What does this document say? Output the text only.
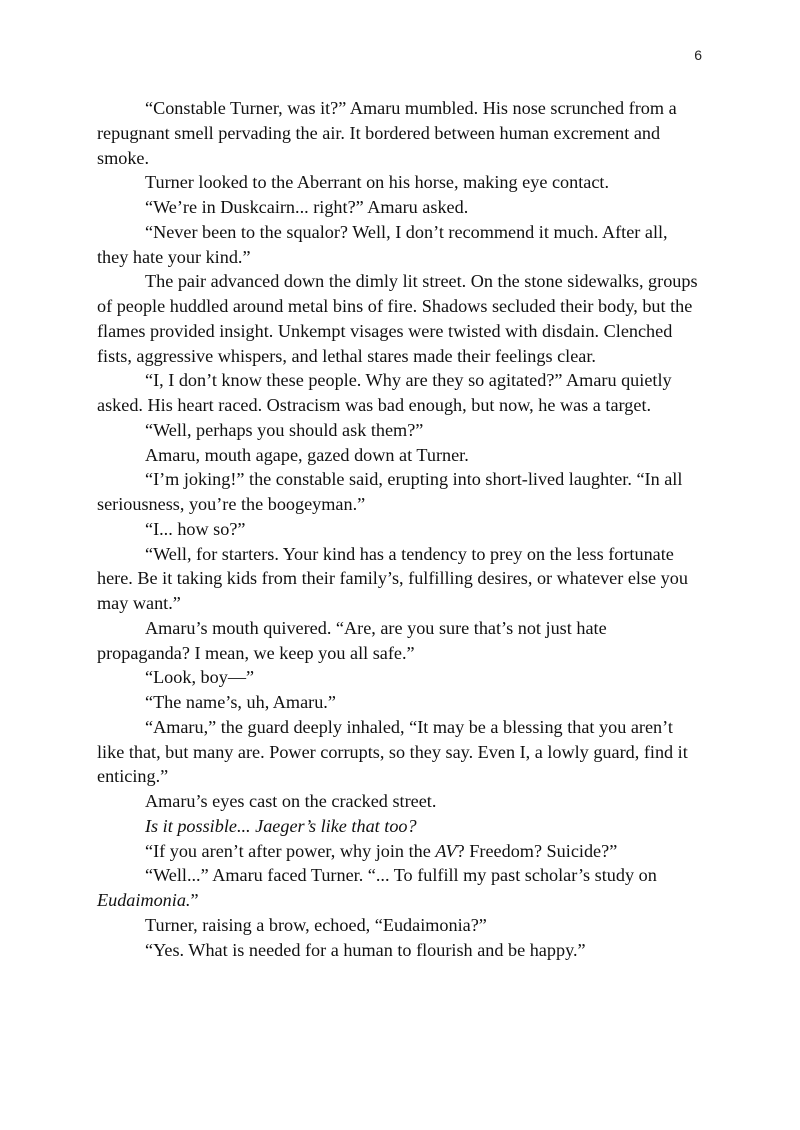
6

“Constable Turner, was it?” Amaru mumbled. His nose scrunched from a repugnant smell pervading the air. It bordered between human excrement and smoke.

Turner looked to the Aberrant on his horse, making eye contact.

“We’re in Duskcairn... right?” Amaru asked.

“Never been to the squalor? Well, I don’t recommend it much. After all, they hate your kind.”

The pair advanced down the dimly lit street. On the stone sidewalks, groups of people huddled around metal bins of fire. Shadows secluded their body, but the flames provided insight. Unkempt visages were twisted with disdain. Clenched fists, aggressive whispers, and lethal stares made their feelings clear.

“I, I don’t know these people. Why are they so agitated?” Amaru quietly asked. His heart raced. Ostracism was bad enough, but now, he was a target.

“Well, perhaps you should ask them?”

Amaru, mouth agape, gazed down at Turner.

“I’m joking!” the constable said, erupting into short-lived laughter. “In all seriousness, you’re the boogeyman.”

“I... how so?”

“Well, for starters. Your kind has a tendency to prey on the less fortunate here. Be it taking kids from their family’s, fulfilling desires, or whatever else you may want.”

Amaru’s mouth quivered. “Are, are you sure that’s not just hate propaganda? I mean, we keep you all safe.”

“Look, boy—”

“The name’s, uh, Amaru.”

“Amaru,” the guard deeply inhaled, “It may be a blessing that you aren’t like that, but many are. Power corrupts, so they say. Even I, a lowly guard, find it enticing.”

Amaru’s eyes cast on the cracked street.

Is it possible... Jaeger’s like that too?

“If you aren’t after power, why join the AV? Freedom? Suicide?”

“Well...” Amaru faced Turner. “... To fulfill my past scholar’s study on Eudaimonia.”

Turner, raising a brow, echoed, “Eudaimonia?”

“Yes. What is needed for a human to flourish and be happy.”
